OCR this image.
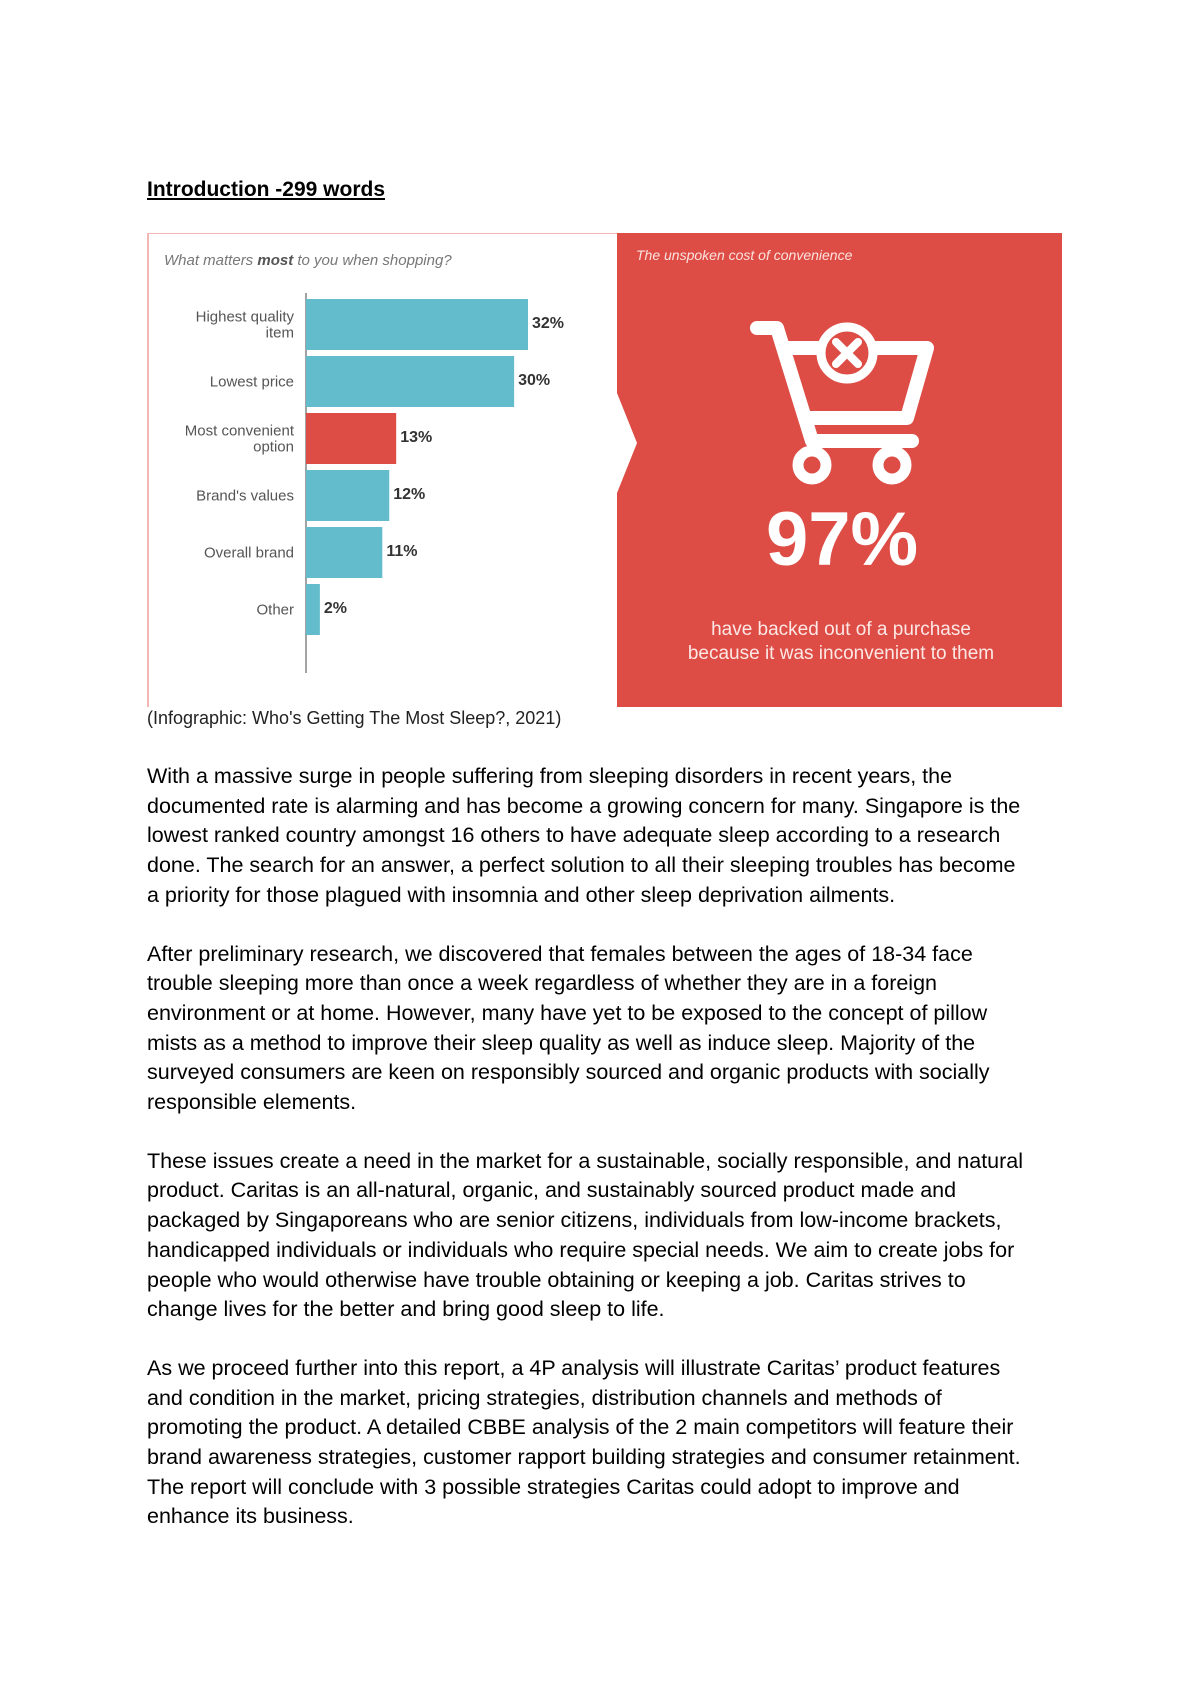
Introduction -299 words
What matters most to you when shopping?
32%
Highest quality
item
30%
Lowest price
13%
Most convenient
option
12%
Brand's values
11%
Overall brand
2%
Other
The unspoken cost of convenience
97%
have backed out of a purchase
because it was inconvenient to them

(Infographic: Who's Getting The Most Sleep?, 2021)

With a massive surge in people suffering from sleeping disorders in recent years, the
documented rate is alarming and has become a growing concern for many. Singapore is the
lowest ranked country amongst 16 others to have adequate sleep according to a research
done. The search for an answer, a perfect solution to all their sleeping troubles has become
a priority for those plagued with insomnia and other sleep deprivation ailments.

After preliminary research, we discovered that females between the ages of 18-34 face
trouble sleeping more than once a week regardless of whether they are in a foreign
environment or at home. However, many have yet to be exposed to the concept of pillow
mists as a method to improve their sleep quality as well as induce sleep. Majority of the
surveyed consumers are keen on responsibly sourced and organic products with socially
responsible elements.

These issues create a need in the market for a sustainable, socially responsible, and natural
product. Caritas is an all-natural, organic, and sustainably sourced product made and
packaged by Singaporeans who are senior citizens, individuals from low-income brackets,
handicapped individuals or individuals who require special needs. We aim to create jobs for
people who would otherwise have trouble obtaining or keeping a job. Caritas strives to
change lives for the better and bring good sleep to life.

As we proceed further into this report, a 4P analysis will illustrate Caritas’ product features
and condition in the market, pricing strategies, distribution channels and methods of
promoting the product. A detailed CBBE analysis of the 2 main competitors will feature their
brand awareness strategies, customer rapport building strategies and consumer retainment.
The report will conclude with 3 possible strategies Caritas could adopt to improve and
enhance its business.
